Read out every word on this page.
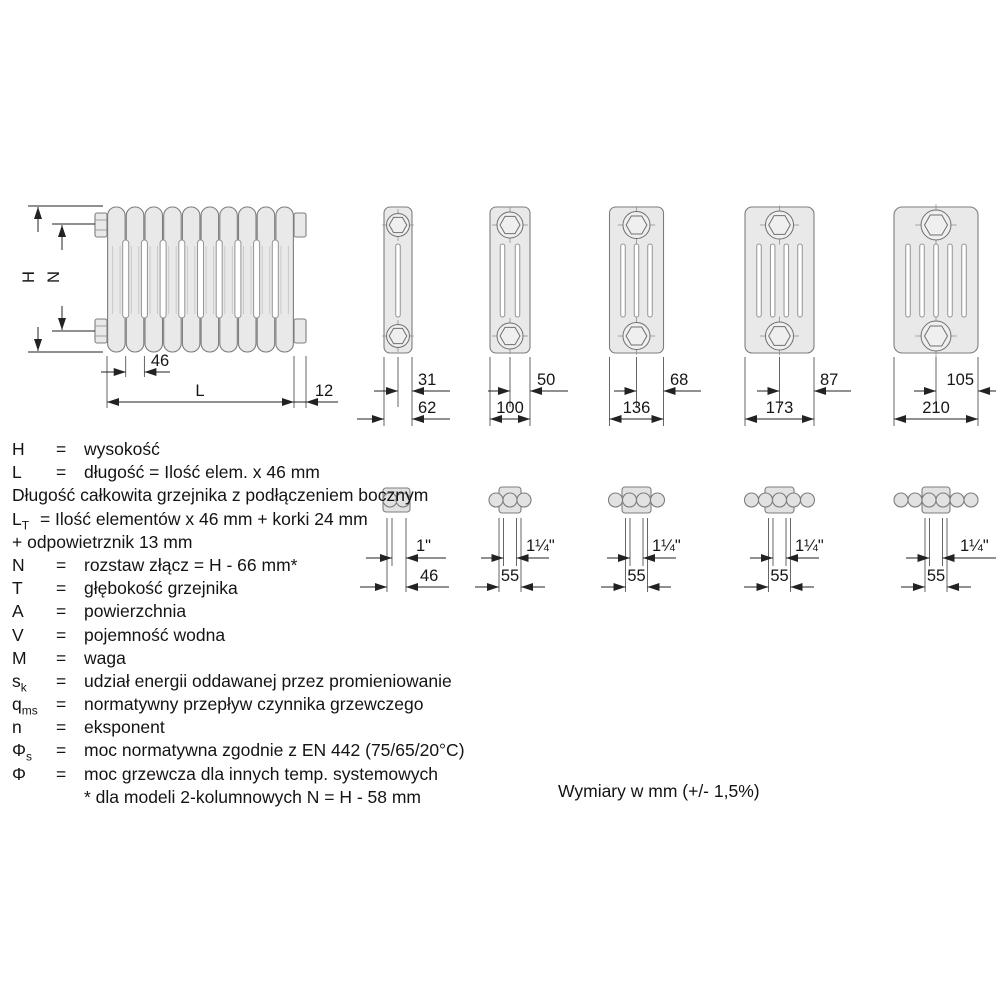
H N
46
L	12
31
62
50
100
68
136
87
173
105
210
1"
46
1¼"
55
1¼"
55
1¼"
55
1¼"
55
H	=	wysokość
L	=	długość = Ilość elem. x 46 mm
Długość całkowita grzejnika z podłączeniem bocznym
$L_T$ = Ilość elementów x 46 mm + korki 24 mm
+ odpowietrznik 13 mm
N	=	rozstaw złącz = H - 66 mm*
T	=	głębokość grzejnika
A	=	powierzchnia
V	=	pojemność wodna
M	=	waga
$s_k$	=	udział energii oddawanej przez promieniowanie
$q_{ms}$	=	normatywny przepływ czynnika grzewczego
n	=	eksponent
$\Phi_s$	=	moc normatywna zgodnie z EN 442 (75/65/20°C)
Φ	=	moc grzewcza dla innych temp. systemowych
* dla modeli 2-kolumnowych N = H - 58 mm	Wymiary w mm (+/- 1,5%)
